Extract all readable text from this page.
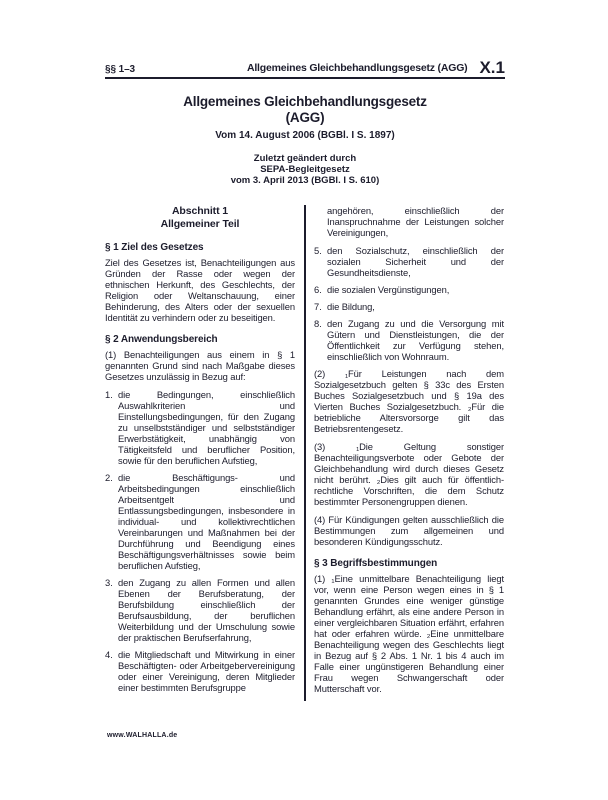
§§ 1–3	Allgemeines Gleichbehandlungsgesetz (AGG) X.1
Allgemeines Gleichbehandlungsgesetz
(AGG)
Vom 14. August 2006 (BGBl. I S. 1897)
Zuletzt geändert durch
SEPA-Begleitgesetz
vom 3. April 2013 (BGBl. I S. 610)
Abschnitt 1
Allgemeiner Teil
§ 1 Ziel des Gesetzes

Ziel des Gesetzes ist, Benachteiligungen aus Gründen der Rasse oder wegen der ethnischen Herkunft, des Geschlechts, der Religion oder Weltanschauung, einer Behinderung, des Alters oder der sexuellen Identität zu verhindern oder zu beseitigen.

§ 2 Anwendungsbereich

(1) Benachteiligungen aus einem in § 1 genannten Grund sind nach Maßgabe dieses Gesetzes unzulässig in Bezug auf:

1. die Bedingungen, einschließlich Auswahlkriterien und Einstellungsbedingungen, für den Zugang zu unselbstständiger und selbstständiger Erwerbstätigkeit, unabhängig von Tätigkeitsfeld und beruflicher Position, sowie für den beruflichen Aufstieg,
2. die Beschäftigungs- und Arbeitsbedingungen einschließlich Arbeitsentgelt und Entlassungsbedingungen, insbesondere in individual- und kollektivrechtlichen Vereinbarungen und Maßnahmen bei der Durchführung und Beendigung eines Beschäftigungsverhältnisses sowie beim beruflichen Aufstieg,
3. den Zugang zu allen Formen und allen Ebenen der Berufsberatung, der Berufsbildung einschließlich der Berufsausbildung, der beruflichen Weiterbildung und der Umschulung sowie der praktischen Berufserfahrung,
4. die Mitgliedschaft und Mitwirkung in einer Beschäftigten- oder Arbeitgebervereinigung oder einer Vereinigung, deren Mitglieder einer bestimmten Berufsgruppe

angehören, einschließlich der Inanspruchnahme der Leistungen solcher Vereinigungen,

5. den Sozialschutz, einschließlich der sozialen Sicherheit und der Gesundheitsdienste,
6. die sozialen Vergünstigungen,
7. die Bildung,
8. den Zugang zu und die Versorgung mit Gütern und Dienstleistungen, die der Öffentlichkeit zur Verfügung stehen, einschließlich von Wohnraum.

(2) ₁Für Leistungen nach dem Sozialgesetzbuch gelten § 33c des Ersten Buches Sozialgesetzbuch und § 19a des Vierten Buches Sozialgesetzbuch. ₂Für die betriebliche Altersvorsorge gilt das Betriebsrentengesetz.

(3) ₁Die Geltung sonstiger Benachteiligungsverbote oder Gebote der Gleichbehandlung wird durch dieses Gesetz nicht berührt. ₂Dies gilt auch für öffentlich-rechtliche Vorschriften, die dem Schutz bestimmter Personengruppen dienen.

(4) Für Kündigungen gelten ausschließlich die Bestimmungen zum allgemeinen und besonderen Kündigungsschutz.

§ 3 Begriffsbestimmungen

(1) ₁Eine unmittelbare Benachteiligung liegt vor, wenn eine Person wegen eines in § 1 genannten Grundes eine weniger günstige Behandlung erfährt, als eine andere Person in einer vergleichbaren Situation erfährt, erfahren hat oder erfahren würde. ₂Eine unmittelbare Benachteiligung wegen des Geschlechts liegt in Bezug auf § 2 Abs. 1 Nr. 1 bis 4 auch im Falle einer ungünstigeren Behandlung einer Frau wegen Schwangerschaft oder Mutterschaft vor.

www.WALHALLA.de
